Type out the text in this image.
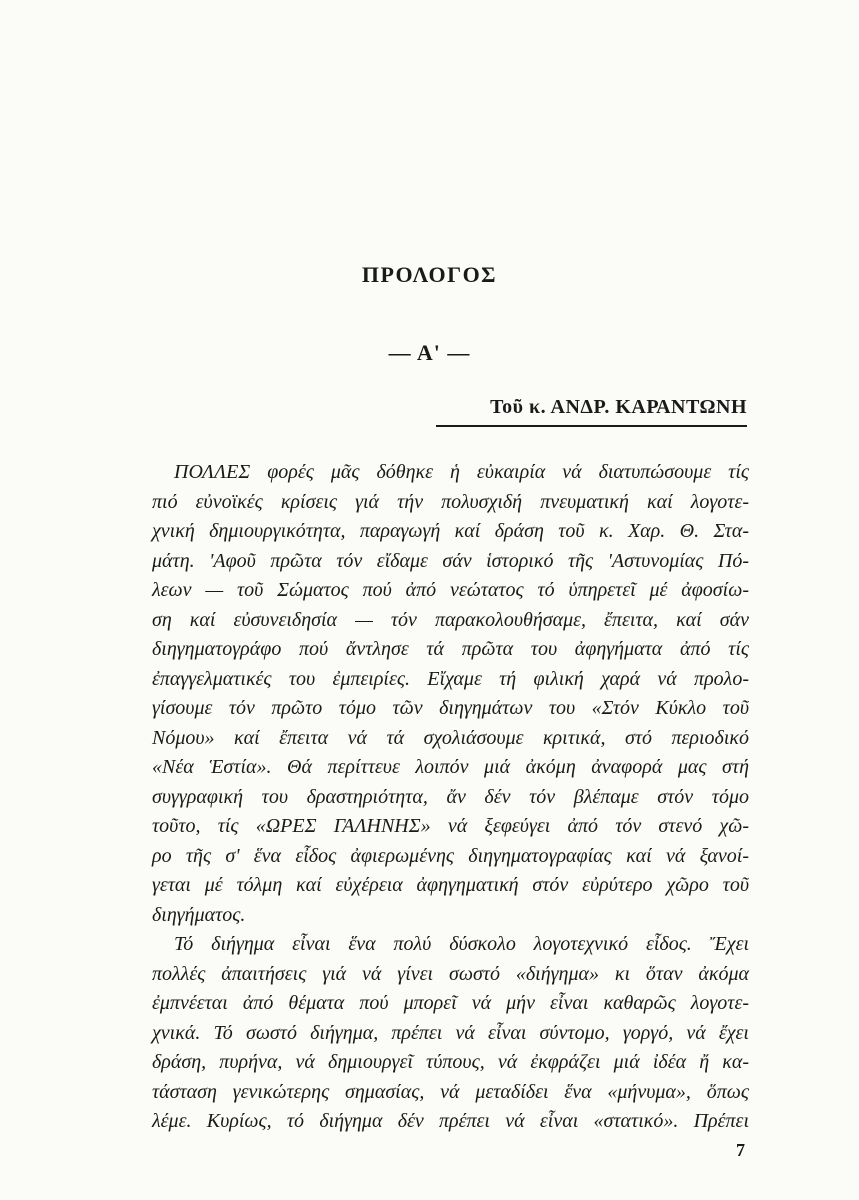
ΠΡΟΛΟΓΟΣ
— Α' —
Τοῦ κ. ΑΝΔΡ. ΚΑΡΑΝΤΩΝΗ
ΠΟΛΛΕΣ φορές μᾶς δόθηκε ἡ εὐκαιρία νά διατυπώσουμε τίς
πιό εὐνοϊκές κρίσεις γιά τήν πολυσχιδή πνευματική καί λογοτε-
χνική δημιουργικότητα, παραγωγή καί δράση τοῦ κ. Χαρ. Θ. Στα-
μάτη. 'Αφοῦ πρῶτα τόν εἴδαμε σάν ἱστορικό τῆς 'Αστυνομίας Πό-
λεων — τοῦ Σώματος πού ἀπό νεώτατος τό ὑπηρετεῖ μέ ἀφοσίω-
ση καί εὐσυνειδησία — τόν παρακολουθήσαμε, ἔπειτα, καί σάν
διηγηματογράφο πού ἄντλησε τά πρῶτα του ἀφηγήματα ἀπό τίς
ἐπαγγελματικές του ἐμπειρίες. Εἴχαμε τή φιλική χαρά νά προλο-
γίσουμε τόν πρῶτο τόμο τῶν διηγημάτων του «Στόν Κύκλο τοῦ
Νόμου» καί ἔπειτα νά τά σχολιάσουμε κριτικά, στό περιοδικό
«Νέα Ἑστία». Θά περίττευε λοιπόν μιά ἀκόμη ἀναφορά μας στή
συγγραφική του δραστηριότητα, ἄν δέν τόν βλέπαμε στόν τόμο
τοῦτο, τίς «ΩΡΕΣ ΓΑΛΗΝΗΣ» νά ξεφεύγει ἀπό τόν στενό χῶ-
ρο τῆς σ' ἕνα εἶδος ἀφιερωμένης διηγηματογραφίας καί νά ξανοί-
γεται μέ τόλμη καί εὐχέρεια ἀφηγηματική στόν εὐρύτερο χῶρο τοῦ
διηγήματος.
Τό διήγημα εἶναι ἕνα πολύ δύσκολο λογοτεχνικό εἶδος. Ἔχει
πολλές ἀπαιτήσεις γιά νά γίνει σωστό «διήγημα» κι ὅταν ἀκόμα
ἐμπνέεται ἀπό θέματα πού μπορεῖ νά μήν εἶναι καθαρῶς λογοτε-
χνικά. Τό σωστό διήγημα, πρέπει νά εἶναι σύντομο, γοργό, νά ἔχει
δράση, πυρήνα, νά δημιουργεῖ τύπους, νά ἐκφράζει μιά ἰδέα ἤ κα-
τάσταση γενικώτερης σημασίας, νά μεταδίδει ἕνα «μήνυμα», ὅπως
λέμε. Κυρίως, τό διήγημα δέν πρέπει νά εἶναι «στατικό». Πρέπει
7
